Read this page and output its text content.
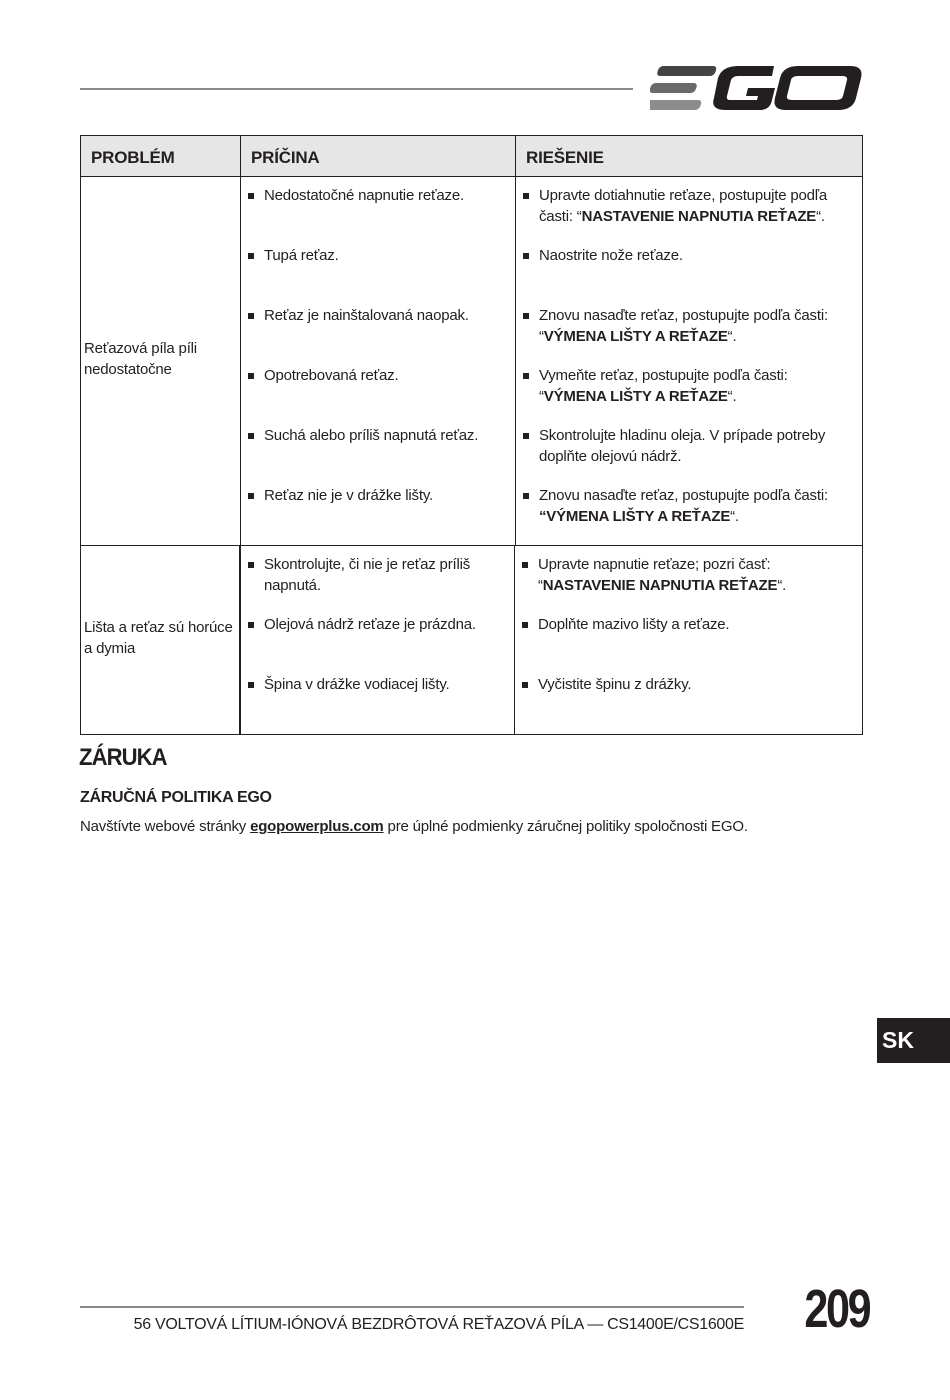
PROBLÉM	PRÍČINA	RIEŠENIE
Reťazová píla píli nedostatočne
Nedostatočné napnutie reťaze.
Tupá reťaz.
Reťaz je nainštalovaná naopak.
Opotrebovaná reťaz.
Suchá alebo príliš napnutá reťaz.
Reťaz nie je v drážke lišty.
Upravte dotiahnutie reťaze, postupujte podľa časti: “NASTAVENIE NAPNUTIA REŤAZE“.
Naostrite nože reťaze.
Znovu nasaďte reťaz, postupujte podľa časti: “VÝMENA LIŠTY A REŤAZE“.
Vymeňte reťaz, postupujte podľa časti: “VÝMENA LIŠTY A REŤAZE“.
Skontrolujte hladinu oleja. V prípade potreby doplňte olejovú nádrž.
Znovu nasaďte reťaz, postupujte podľa časti: “VÝMENA LIŠTY A REŤAZE“.
Lišta a reťaz sú horúce a dymia
Skontrolujte, či nie je reťaz príliš napnutá.
Olejová nádrž reťaze je prázdna.
Špina v drážke vodiacej lišty.
Upravte napnutie reťaze; pozri časť: “NASTAVENIE NAPNUTIA REŤAZE“.
Doplňte mazivo lišty a reťaze.
Vyčistite špinu z drážky.
ZÁRUKA
ZÁRUČNÁ POLITIKA EGO
Navštívte webové stránky egopowerplus.com pre úplné podmienky záručnej politiky spoločnosti EGO.
SK
56 VOLTOVÁ LÍTIUM-IÓNOVÁ BEZDRÔTOVÁ REŤAZOVÁ PÍLA — CS1400E/CS1600E 209
